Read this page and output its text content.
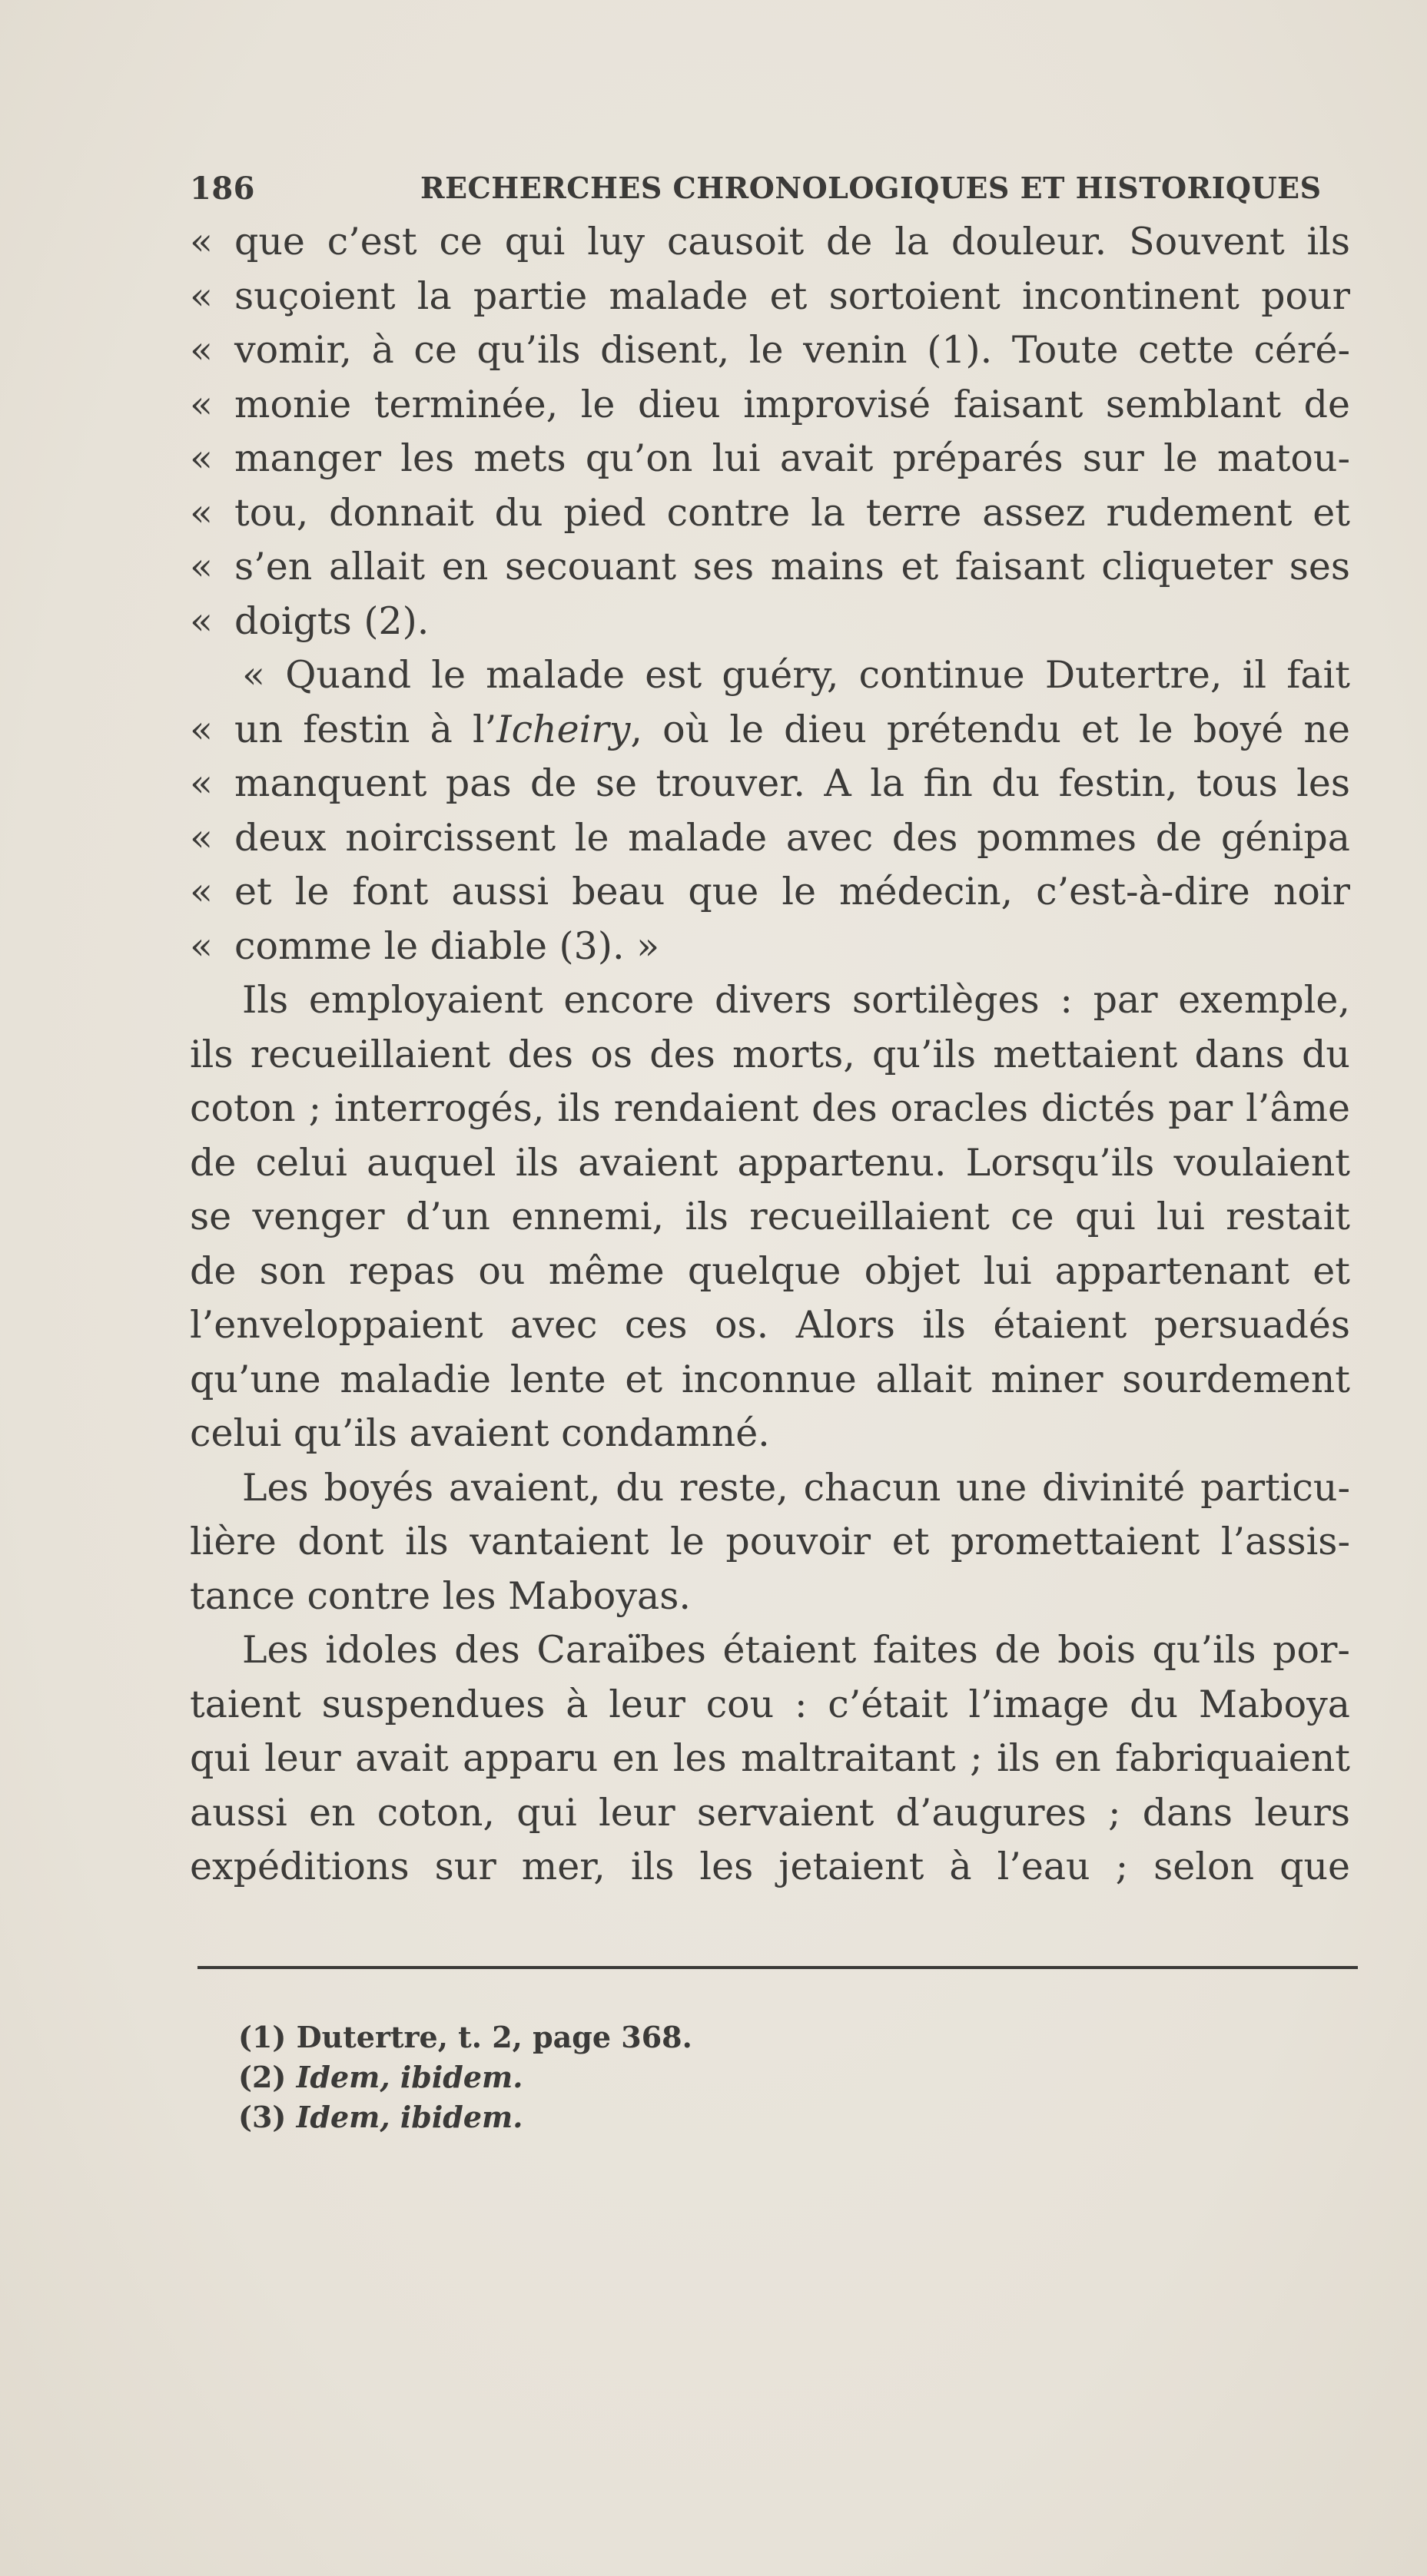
186	RECHERCHES CHRONOLOGIQUES ET HISTORIQUES
« que c’est ce qui luy causoit de la douleur. Souvent ils
« suçoient la partie malade et sortoient incontinent pour
« vomir, à ce qu’ils disent, le venin (1). Toute cette céré-
« monie terminée, le dieu improvisé faisant semblant de
« manger les mets qu’on lui avait préparés sur le matou-
« tou, donnait du pied contre la terre assez rudement et
« s’en allait en secouant ses mains et faisant cliqueter ses
« doigts (2).
« Quand le malade est guéry, continue Dutertre, il fait
« un festin à l’Icheiry, où le dieu prétendu et le boyé ne
« manquent pas de se trouver. A la fin du festin, tous les
« deux noircissent le malade avec des pommes de génipa
« et le font aussi beau que le médecin, c’est-à-dire noir
« comme le diable (3). »
Ils employaient encore divers sortilèges : par exemple,
ils recueillaient des os des morts, qu’ils mettaient dans du
coton ; interrogés, ils rendaient des oracles dictés par l’âme
de celui auquel ils avaient appartenu. Lorsqu’ils voulaient
se venger d’un ennemi, ils recueillaient ce qui lui restait
de son repas ou même quelque objet lui appartenant et
l’enveloppaient avec ces os. Alors ils étaient persuadés
qu’une maladie lente et inconnue allait miner sourdement
celui qu’ils avaient condamné.
Les boyés avaient, du reste, chacun une divinité particu-
lière dont ils vantaient le pouvoir et promettaient l’assis-
tance contre les Maboyas.
Les idoles des Caraïbes étaient faites de bois qu’ils por-
taient suspendues à leur cou : c’était l’image du Maboya
qui leur avait apparu en les maltraitant ; ils en fabriquaient
aussi en coton, qui leur servaient d’augures ; dans leurs
expéditions sur mer, ils les jetaient à l’eau ; selon que
(1) Dutertre, t. 2, page 368.
(2) Idem, ibidem.
(3) Idem, ibidem.
